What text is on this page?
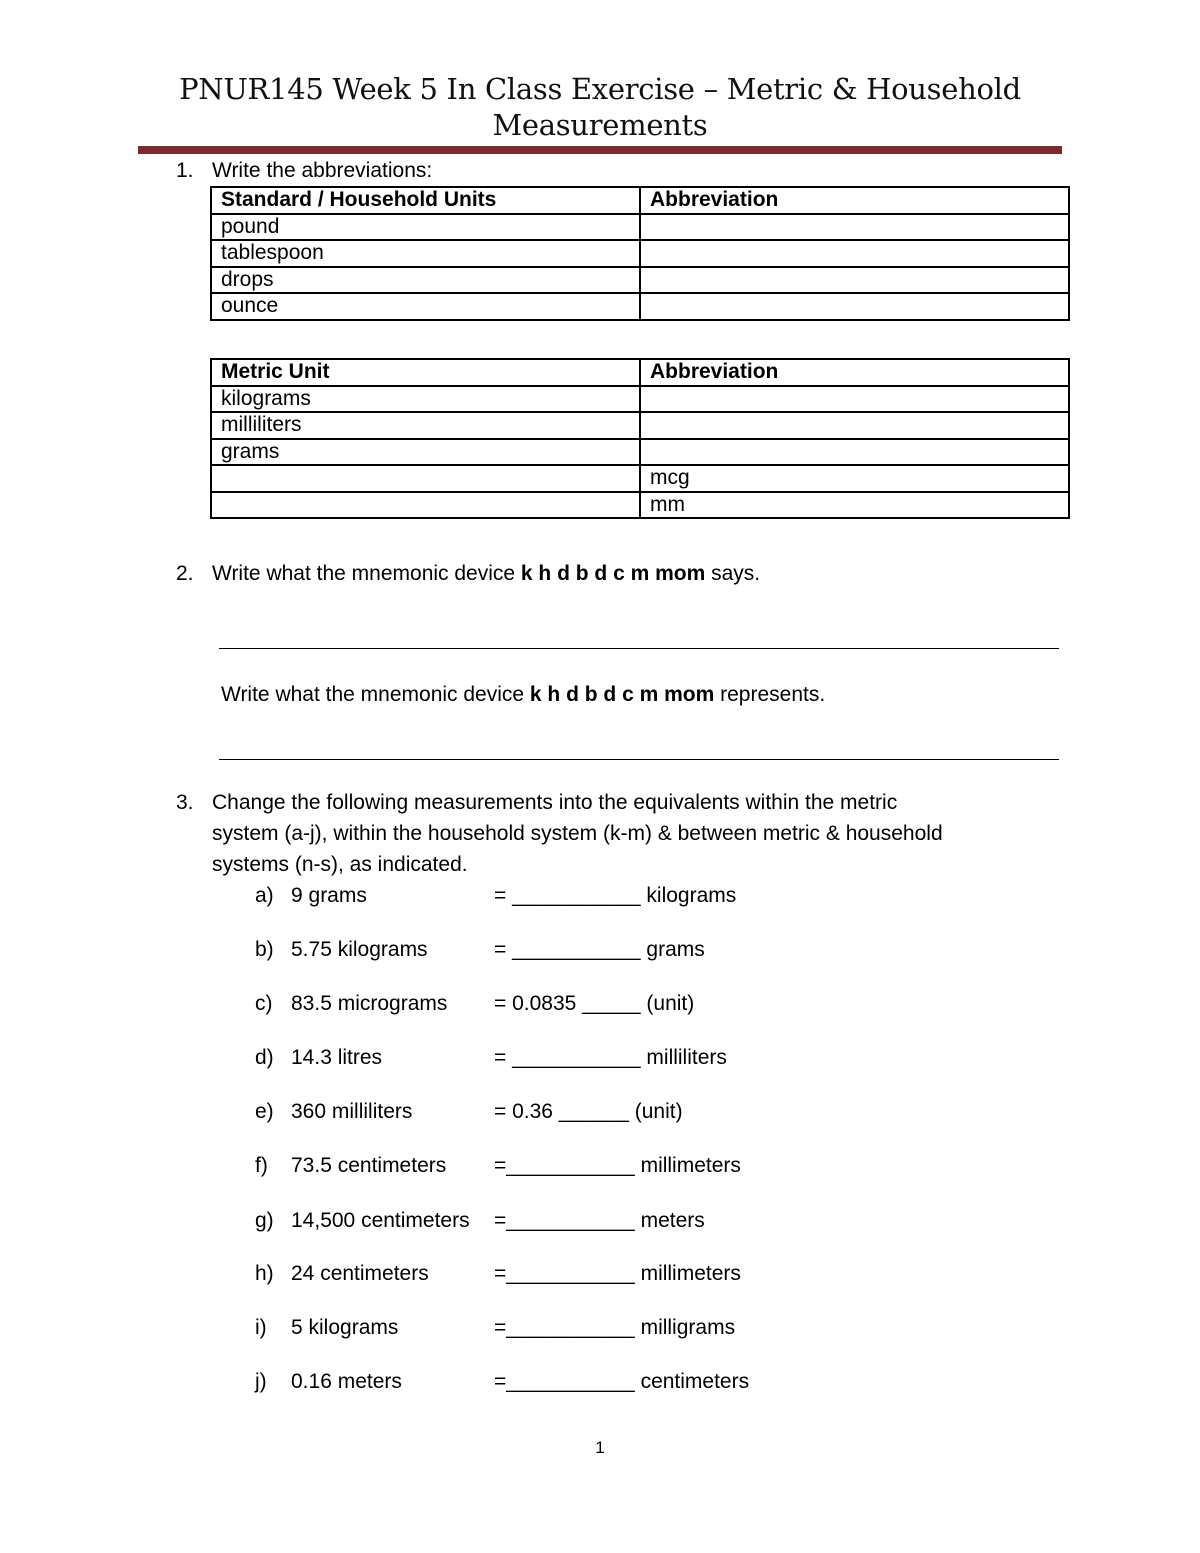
PNUR145 Week 5 In Class Exercise – Metric & Household
Measurements
1. Write the abbreviations:
Standard / Household Units	Abbreviation
pound	
tablespoon	
drops	
ounce	
Metric Unit	Abbreviation
kilograms	
milliliters	
grams	
	mcg
	mm
2. Write what the mnemonic device k h d b d c m mom says.
Write what the mnemonic device k h d b d c m mom represents.
3. Change the following measurements into the equivalents within the metric
system (a-j), within the household system (k-m) & between metric & household
systems (n-s), as indicated.
a) 9 grams	= ___________ kilograms
b) 5.75 kilograms	= ___________ grams
c) 83.5 micrograms = 0.0835 _____ (unit)
d) 14.3 litres	= ___________ milliliters
e) 360 milliliters	= 0.36 ______ (unit)
f) 73.5 centimeters =___________ millimeters
g) 14,500 centimeters =___________ meters
h) 24 centimeters	=___________ millimeters
i) 5 kilograms	=___________ milligrams
j) 0.16 meters	=___________ centimeters
1
